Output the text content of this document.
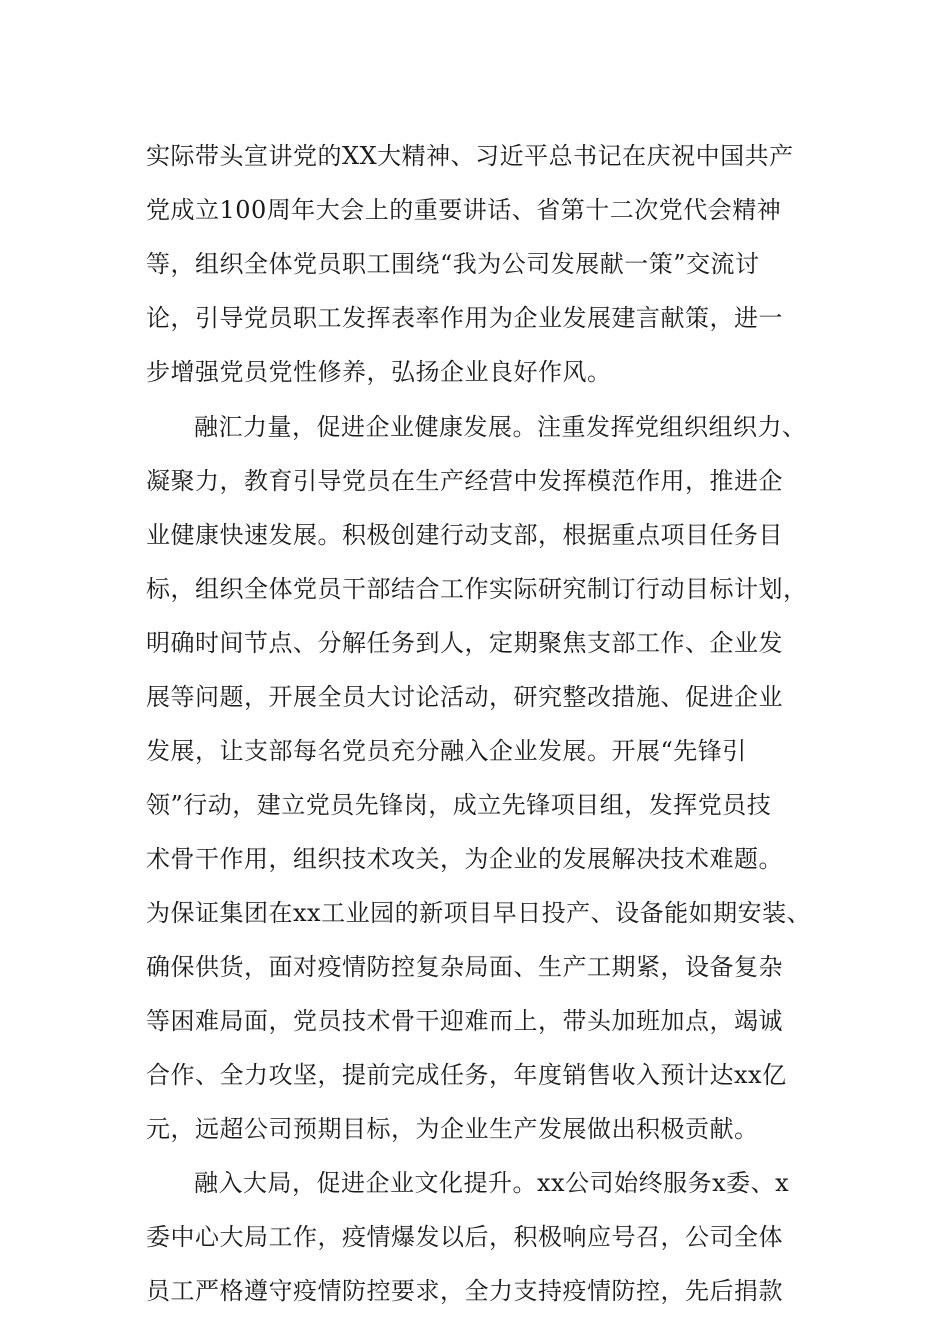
实际带头宣讲党的XX大精神、习近平总书记在庆祝中国共产
党成立100周年大会上的重要讲话、省第十二次党代会精神
等，组织全体党员职工围绕“我为公司发展献一策”交流讨
论，引导党员职工发挥表率作用为企业发展建言献策，进一
步增强党员党性修养，弘扬企业良好作风。
融汇力量，促进企业健康发展。注重发挥党组织组织力、
凝聚力，教育引导党员在生产经营中发挥模范作用，推进企
业健康快速发展。积极创建行动支部，根据重点项目任务目
标，组织全体党员干部结合工作实际研究制订行动目标计划，
明确时间节点、分解任务到人，定期聚焦支部工作、企业发
展等问题，开展全员大讨论活动，研究整改措施、促进企业
发展，让支部每名党员充分融入企业发展。开展“先锋引
领”行动，建立党员先锋岗，成立先锋项目组，发挥党员技
术骨干作用，组织技术攻关，为企业的发展解决技术难题。
为保证集团在xx工业园的新项目早日投产、设备能如期安装、
确保供货，面对疫情防控复杂局面、生产工期紧，设备复杂
等困难局面，党员技术骨干迎难而上，带头加班加点，竭诚
合作、全力攻坚，提前完成任务，年度销售收入预计达xx亿
元，远超公司预期目标，为企业生产发展做出积极贡献。
融入大局，促进企业文化提升。xx公司始终服务x委、x
委中心大局工作，疫情爆发以后，积极响应号召，公司全体
员工严格遵守疫情防控要求，全力支持疫情防控，先后捐款
